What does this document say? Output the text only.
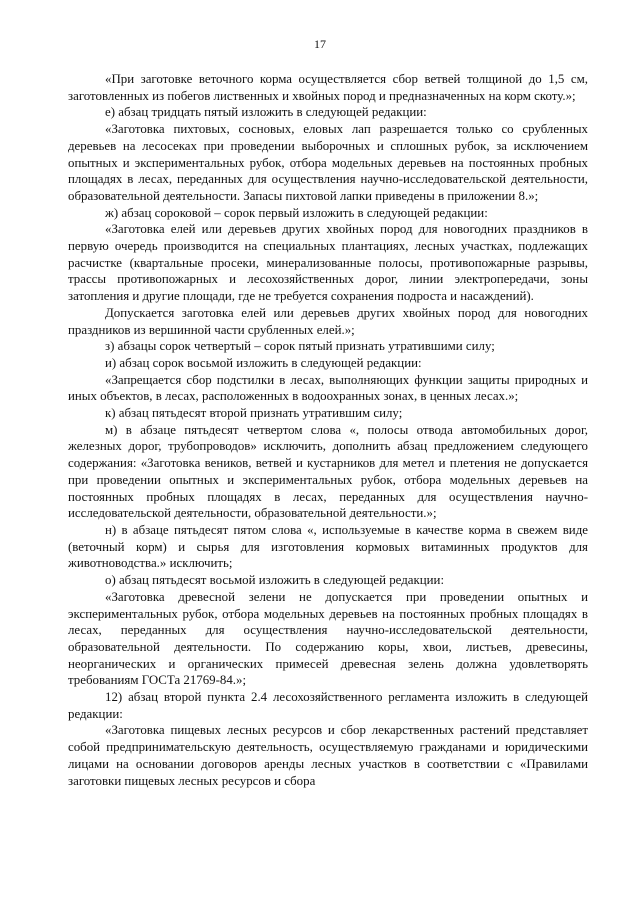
17

«При заготовке веточного корма осуществляется сбор ветвей толщиной до 1,5 см, заготовленных из побегов лиственных и хвойных пород и предназначенных на корм скоту.»;

е) абзац тридцать пятый изложить в следующей редакции:

«Заготовка пихтовых, сосновых, еловых лап разрешается только со срубленных деревьев на лесосеках при проведении выборочных и сплошных рубок, за исключением опытных и экспериментальных рубок, отбора модельных деревьев на постоянных пробных площадях в лесах, переданных для осуществления научно-исследовательской деятельности, образовательной деятельности. Запасы пихтовой лапки приведены в приложении 8.»;

ж) абзац сороковой – сорок первый изложить в следующей редакции:

«Заготовка елей или деревьев других хвойных пород для новогодних праздников в первую очередь производится на специальных плантациях, лесных участках, подлежащих расчистке (квартальные просеки, минерализованные полосы, противопожарные разрывы, трассы противопожарных и лесохозяйственных дорог, линии электропередачи, зоны затопления и другие площади, где не требуется сохранения подроста и насаждений).

Допускается заготовка елей или деревьев других хвойных пород для новогодних праздников из вершинной части срубленных елей.»;

з) абзацы сорок четвертый – сорок пятый признать утратившими силу;

и) абзац сорок восьмой изложить в следующей редакции:

«Запрещается сбор подстилки в лесах, выполняющих функции защиты природных и иных объектов, в лесах, расположенных в водоохранных зонах, в ценных лесах.»;

к) абзац пятьдесят второй признать утратившим силу;

м) в абзаце пятьдесят четвертом слова «, полосы отвода автомобильных дорог, железных дорог, трубопроводов» исключить, дополнить абзац предложением следующего содержания: «Заготовка веников, ветвей и кустарников для метел и плетения не допускается при проведении опытных и экспериментальных рубок, отбора модельных деревьев на постоянных пробных площадях в лесах, переданных для осуществления научно-исследовательской деятельности, образовательной деятельности.»;

н) в абзаце пятьдесят пятом слова «, используемые в качестве корма в свежем виде (веточный корм) и сырья для изготовления кормовых витаминных продуктов для животноводства.» исключить;

о) абзац пятьдесят восьмой изложить в следующей редакции:

«Заготовка древесной зелени не допускается при проведении опытных и экспериментальных рубок, отбора модельных деревьев на постоянных пробных площадях в лесах, переданных для осуществления научно-исследовательской деятельности, образовательной деятельности. По содержанию коры, хвои, листьев, древесины, неорганических и органических примесей древесная зелень должна удовлетворять требованиям ГОСТа 21769-84.»;

12) абзац второй пункта 2.4 лесохозяйственного регламента изложить в следующей редакции:

«Заготовка пищевых лесных ресурсов и сбор лекарственных растений представляет собой предпринимательскую деятельность, осуществляемую гражданами и юридическими лицами на основании договоров аренды лесных участков в соответствии с «Правилами заготовки пищевых лесных ресурсов и сбора
